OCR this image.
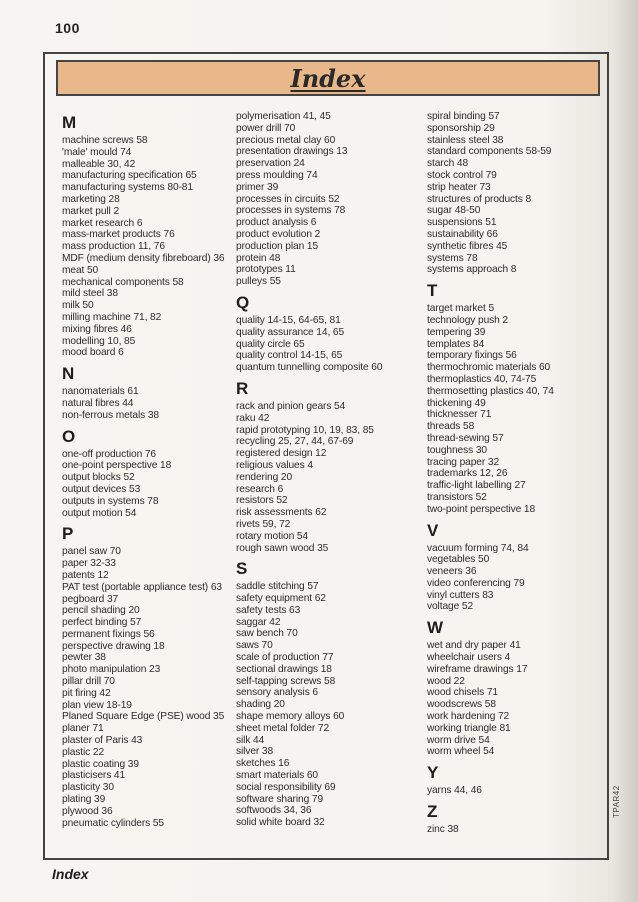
100
Index
M
machine screws 58
'male' mould 74
malleable 30, 42
manufacturing specification 65
manufacturing systems 80-81
marketing 28
market pull 2
market research 6
mass-market products 76
mass production 11, 76
MDF (medium density fibreboard) 36
meat 50
mechanical components 58
mild steel 38
milk 50
milling machine 71, 82
mixing fibres 46
modelling 10, 85
mood board 6
N
nanomaterials 61
natural fibres 44
non-ferrous metals 38
O
one-off production 76
one-point perspective 18
output blocks 52
output devices 53
outputs in systems 78
output motion 54
P
panel saw 70
paper 32-33
patents 12
PAT test (portable appliance test) 63
pegboard 37
pencil shading 20
perfect binding 57
permanent fixings 56
perspective drawing 18
pewter 38
photo manipulation 23
pillar drill 70
pit firing 42
plan view 18-19
Planed Square Edge (PSE) wood 35
planer 71
plaster of Paris 43
plastic 22
plastic coating 39
plasticisers 41
plasticity 30
plating 39
plywood 36
pneumatic cylinders 55
polymerisation 41, 45
power drill 70
precious metal clay 60
presentation drawings 13
preservation 24
press moulding 74
primer 39
processes in circuits 52
processes in systems 78
product analysis 6
product evolution 2
production plan 15
protein 48
prototypes 11
pulleys 55
Q
quality 14-15, 64-65, 81
quality assurance 14, 65
quality circle 65
quality control 14-15, 65
quantum tunnelling composite 60
R
rack and pinion gears 54
raku 42
rapid prototyping 10, 19, 83, 85
recycling 25, 27, 44, 67-69
registered design 12
religious values 4
rendering 20
research 6
resistors 52
risk assessments 62
rivets 59, 72
rotary motion 54
rough sawn wood 35
S
saddle stitching 57
safety equipment 62
safety tests 63
saggar 42
saw bench 70
saws 70
scale of production 77
sectional drawings 18
self-tapping screws 58
sensory analysis 6
shading 20
shape memory alloys 60
sheet metal folder 72
silk 44
silver 38
sketches 16
smart materials 60
social responsibility 69
software sharing 79
softwoods 34, 36
solid white board 32
spiral binding 57
sponsorship 29
stainless steel 38
standard components 58-59
starch 48
stock control 79
strip heater 73
structures of products 8
sugar 48-50
suspensions 51
sustainability 66
synthetic fibres 45
systems 78
systems approach 8
T
target market 5
technology push 2
tempering 39
templates 84
temporary fixings 56
thermochromic materials 60
thermoplastics 40, 74-75
thermosetting plastics 40, 74
thickening 49
thicknesser 71
threads 58
thread-sewing 57
toughness 30
tracing paper 32
trademarks 12, 26
traffic-light labelling 27
transistors 52
two-point perspective 18
V
vacuum forming 74, 84
vegetables 50
veneers 36
video conferencing 79
vinyl cutters 83
voltage 52
W
wet and dry paper 41
wheelchair users 4
wireframe drawings 17
wood 22
wood chisels 71
woodscrews 58
work hardening 72
working triangle 81
worm drive 54
worm wheel 54
Y
yarns 44, 46
Z
zinc 38
Index
TPAR42
